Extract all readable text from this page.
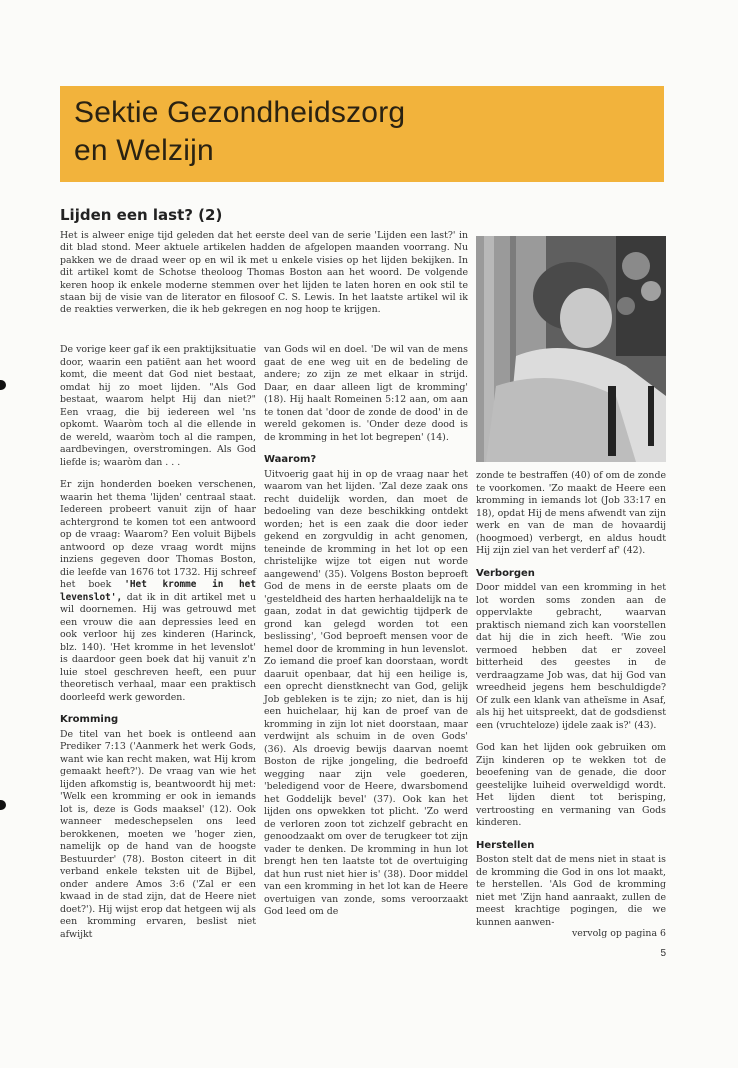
Sektie Gezondheidszorg
en Welzijn
Lijden een last? (2)

Het is alweer enige tijd geleden dat het eerste deel van de serie 'Lijden een last?' in dit blad stond. Meer aktuele artikelen hadden de afgelopen maanden voorrang. Nu pakken we de draad weer op en wil ik met u enkele visies op het lijden bekijken. In dit artikel komt de Schotse theoloog Thomas Boston aan het woord. De volgende keren hoop ik enkele moderne stemmen over het lijden te laten horen en ook stil te staan bij de visie van de literator en filosoof C. S. Lewis. In het laatste artikel wil ik de reakties verwerken, die ik heb gekregen en nog hoop te krijgen.

De vorige keer gaf ik een praktijksituatie door, waarin een patiënt aan het woord komt, die meent dat God niet bestaat, omdat hij zo moet lijden. "Als God bestaat, waarom helpt Hij dan niet?" Een vraag, die bij iedereen wel 'ns opkomt. Waaròm toch al die ellende in de wereld, waaròm toch al die rampen, aardbevingen, overstromingen. Als God liefde is; waaròm dan . . .

Er zijn honderden boeken verschenen, waarin het thema 'lijden' centraal staat. Iedereen probeert vanuit zijn of haar achtergrond te komen tot een antwoord op de vraag: Waarom? Een voluit Bijbels antwoord op deze vraag wordt mijns inziens gegeven door Thomas Boston, die leefde van 1676 tot 1732. Hij schreef het boek 'Het kromme in het levenslot', dat ik in dit artikel met u wil doornemen. Hij was getrouwd met een vrouw die aan depressies leed en ook verloor hij zes kinderen (Harinck, blz. 140). 'Het kromme in het levenslot' is daardoor geen boek dat hij vanuit z'n luie stoel geschreven heeft, een puur theoretisch verhaal, maar een praktisch doorleefd werk geworden.

Kromming

De titel van het boek is ontleend aan Prediker 7:13 ('Aanmerk het werk Gods, want wie kan recht maken, wat Hij krom gemaakt heeft?'). De vraag van wie het lijden afkomstig is, beantwoordt hij met: 'Welk een kromming er ook in iemands lot is, deze is Gods maaksel' (12). Ook wanneer medeschepselen ons leed berokkenen, moeten we 'hoger zien, namelijk op de hand van de hoogste Bestuurder' (78). Boston citeert in dit verband enkele teksten uit de Bijbel, onder andere Amos 3:6 ('Zal er een kwaad in de stad zijn, dat de Heere niet doet?'). Hij wijst erop dat hetgeen wij als een kromming ervaren, beslist niet afwijkt

van Gods wil en doel. 'De wil van de mens gaat de ene weg uit en de bedeling de andere; zo zijn ze met elkaar in strijd. Daar, en daar alleen ligt de kromming' (18). Hij haalt Romeinen 5:12 aan, om aan te tonen dat 'door de zonde de dood' in de wereld gekomen is. 'Onder deze dood is de kromming in het lot begrepen' (14).

Waarom?

Uitvoerig gaat hij in op de vraag naar het waarom van het lijden. 'Zal deze zaak ons recht duidelijk worden, dan moet de bedoeling van deze beschikking ontdekt worden; het is een zaak die door ieder gekend en zorgvuldig in acht genomen, teneinde de kromming in het lot op een christelijke wijze tot eigen nut worde aangewend' (35). Volgens Boston beproeft God de mens in de eerste plaats om de 'gesteldheid des harten herhaaldelijk na te gaan, zodat in dat gewichtig tijdperk de grond kan gelegd worden tot een beslissing', 'God beproeft mensen voor de hemel door de kromming in hun levenslot. Zo iemand die proef kan doorstaan, wordt daaruit openbaar, dat hij een heilige is, een oprecht dienstknecht van God, gelijk Job gebleken is te zijn; zo niet, dan is hij een huichelaar, hij kan de proef van de kromming in zijn lot niet doorstaan, maar verdwijnt als schuim in de oven Gods' (36). Als droevig bewijs daarvan noemt Boston de rijke jongeling, die bedroefd wegging naar zijn vele goederen, 'beledigend voor de Heere, dwarsbomend het Goddelijk bevel' (37). Ook kan het lijden ons opwekken tot plicht. 'Zo werd de verloren zoon tot zichzelf gebracht en genoodzaakt om over de terugkeer tot zijn vader te denken. De kromming in hun lot brengt hen ten laatste tot de overtuiging dat hun rust niet hier is' (38). Door middel van een kromming in het lot kan de Heere overtuigen van zonde, soms veroorzaakt God leed om de

zonde te bestraffen (40) of om de zonde te voorkomen. 'Zo maakt de Heere een kromming in iemands lot (Job 33:17 en 18), opdat Hij de mens afwendt van zijn werk en van de man de hovaardij (hoogmoed) verbergt, en aldus houdt Hij zijn ziel van het verderf af' (42).

Verborgen

Door middel van een kromming in het lot worden soms zonden aan de oppervlakte gebracht, waarvan praktisch niemand zich kan voorstellen dat hij die in zich heeft. 'Wie zou vermoed hebben dat er zoveel bitterheid des geestes in de verdraagzame Job was, dat hij God van wreedheid jegens hem beschuldigde? Of zulk een klank van atheïsme in Asaf, als hij het uitspreekt, dat de godsdienst een (vruchteloze) ijdele zaak is?' (43).

God kan het lijden ook gebruiken om Zijn kinderen op te wekken tot de beoefening van de genade, die door geestelijke luiheid overweldigd wordt. Het lijden dient tot berisping, vertroosting en vermaning van Gods kinderen.

Herstellen

Boston stelt dat de mens niet in staat is de kromming die God in ons lot maakt, te herstellen. 'Als God de kromming niet met 'Zijn hand aanraakt, zullen de meest krachtige pogingen, die we kunnen aanwen-

vervolg op pagina 6
5
